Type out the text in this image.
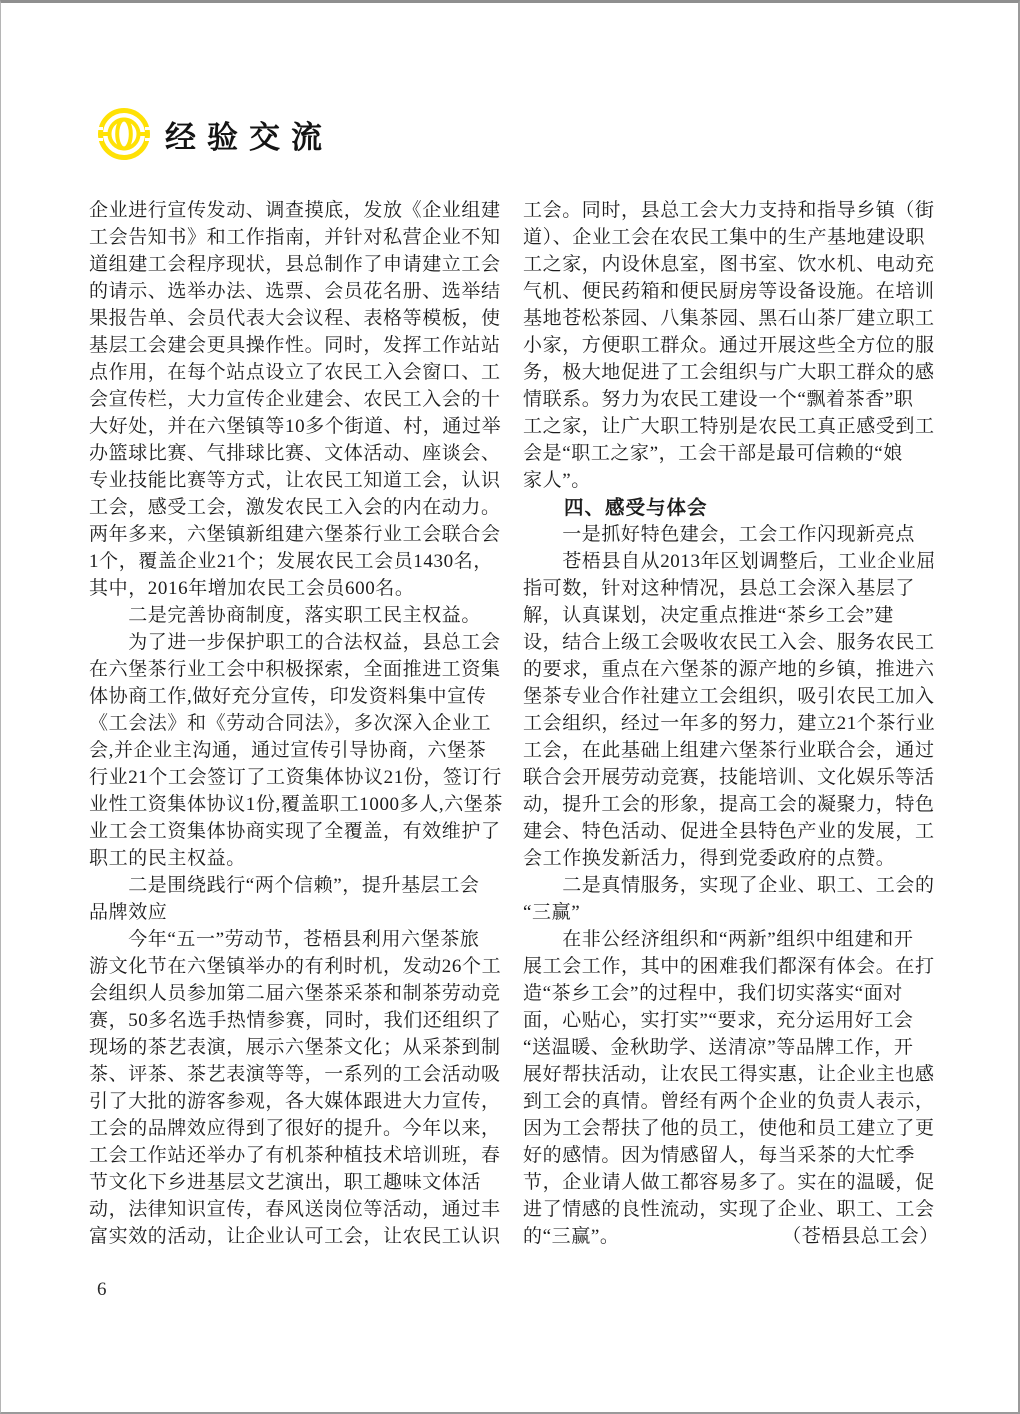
经验交流
企业进行宣传发动、调查摸底，发放《企业组建
工会告知书》和工作指南，并针对私营企业不知
道组建工会程序现状，县总制作了申请建立工会
的请示、选举办法、选票、会员花名册、选举结
果报告单、会员代表大会议程、表格等模板，使
基层工会建会更具操作性。同时，发挥工作站站
点作用，在每个站点设立了农民工入会窗口、工
会宣传栏，大力宣传企业建会、农民工入会的十
大好处，并在六堡镇等10多个街道、村，通过举
办篮球比赛、气排球比赛、文体活动、座谈会、
专业技能比赛等方式，让农民工知道工会，认识
工会，感受工会，激发农民工入会的内在动力。
两年多来，六堡镇新组建六堡茶行业工会联合会
1个，覆盖企业21个；发展农民工会员1430名，
其中，2016年增加农民工会员600名。
　　二是完善协商制度，落实职工民主权益。
　　为了进一步保护职工的合法权益，县总工会
在六堡茶行业工会中积极探索，全面推进工资集
体协商工作,做好充分宣传，印发资料集中宣传
《工会法》和《劳动合同法》，多次深入企业工
会,并企业主沟通，通过宣传引导协商，六堡茶
行业21个工会签订了工资集体协议21份，签订行
业性工资集体协议1份,覆盖职工1000多人,六堡茶
业工会工资集体协商实现了全覆盖，有效维护了
职工的民主权益。
　　二是围绕践行“两个信赖”，提升基层工会
品牌效应
　　今年“五一”劳动节，苍梧县利用六堡茶旅
游文化节在六堡镇举办的有利时机，发动26个工
会组织人员参加第二届六堡茶采茶和制茶劳动竞
赛，50多名选手热情参赛，同时，我们还组织了
现场的茶艺表演，展示六堡茶文化；从采茶到制
茶、评茶、茶艺表演等等，一系列的工会活动吸
引了大批的游客参观，各大媒体跟进大力宣传，
工会的品牌效应得到了很好的提升。今年以来，
工会工作站还举办了有机茶种植技术培训班，春
节文化下乡进基层文艺演出，职工趣味文体活
动，法律知识宣传，春风送岗位等活动，通过丰
富实效的活动，让企业认可工会，让农民工认识
工会。同时，县总工会大力支持和指导乡镇（街
道）、企业工会在农民工集中的生产基地建设职
工之家，内设休息室，图书室、饮水机、电动充
气机、便民药箱和便民厨房等设备设施。在培训
基地苍松茶园、八集茶园、黑石山茶厂建立职工
小家，方便职工群众。通过开展这些全方位的服
务，极大地促进了工会组织与广大职工群众的感
情联系。努力为农民工建设一个“飘着茶香”职
工之家，让广大职工特别是农民工真正感受到工
会是“职工之家”，工会干部是最可信赖的“娘
家人”。
　　四、感受与体会
　　一是抓好特色建会，工会工作闪现新亮点
　　苍梧县自从2013年区划调整后，工业企业屈
指可数，针对这种情况，县总工会深入基层了
解，认真谋划，决定重点推进“茶乡工会”建
设，结合上级工会吸收农民工入会、服务农民工
的要求，重点在六堡茶的源产地的乡镇，推进六
堡茶专业合作社建立工会组织，吸引农民工加入
工会组织，经过一年多的努力，建立21个茶行业
工会，在此基础上组建六堡茶行业联合会，通过
联合会开展劳动竞赛，技能培训、文化娱乐等活
动，提升工会的形象，提高工会的凝聚力，特色
建会、特色活动、促进全县特色产业的发展，工
会工作换发新活力，得到党委政府的点赞。
　　二是真情服务，实现了企业、职工、工会的
“三赢”
　　在非公经济组织和“两新”组织中组建和开
展工会工作，其中的困难我们都深有体会。在打
造“茶乡工会”的过程中，我们切实落实“面对
面，心贴心，实打实”“要求，充分运用好工会
“送温暖、金秋助学、送清凉”等品牌工作，开
展好帮扶活动，让农民工得实惠，让企业主也感
到工会的真情。曾经有两个企业的负责人表示，
因为工会帮扶了他的员工，使他和员工建立了更
好的感情。因为情感留人，每当采茶的大忙季
节，企业请人做工都容易多了。实在的温暖，促
进了情感的良性流动，实现了企业、职工、工会
的“三赢”。	（苍梧县总工会）
6
